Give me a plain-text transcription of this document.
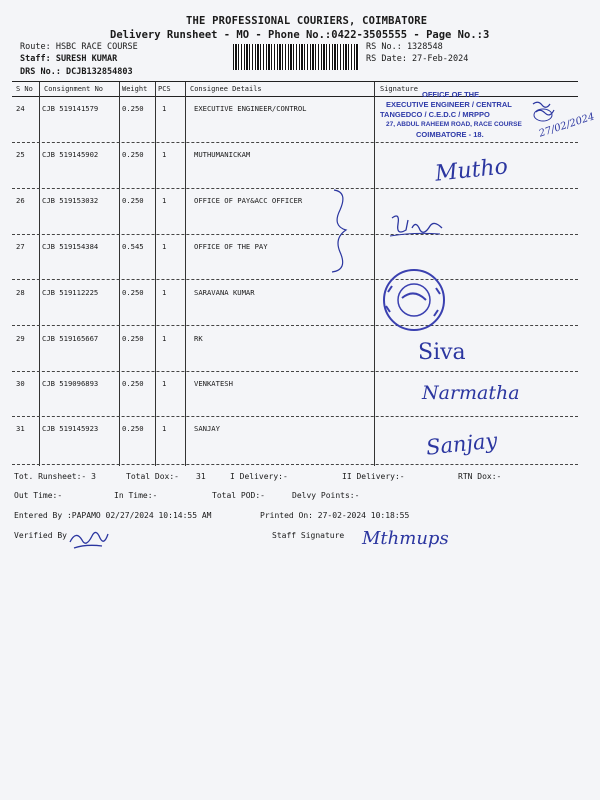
THE PROFESSIONAL COURIERS, COIMBATORE
Delivery Runsheet - MO - Phone No.:0422-3505555 - Page No.:3
Route: HSBC RACE COURSE
Staff: SURESH KUMAR
DRS No.: DCJB132854803
RS No.: 1328548
RS Date: 27-Feb-2024
S No Consignment No	Weight PCS	Consignee Details	Signature
24 CJB 519141579	0.250	1	EXECUTIVE ENGINEER/CONTROL
25 CJB 519145902	0.250	1	MUTHUMANICKAM
26 CJB 519153032	0.250	1	OFFICE OF PAY&ACC OFFICER
27 CJB 519154384	0.545	1	OFFICE OF THE PAY
28 CJB 519112225	0.250	1	SARAVANA KUMAR
29 CJB 519165667	0.250	1	RK
30 CJB 519096893	0.250	1	VENKATESH
31 CJB 519145923	0.250	1	SANJAY
OFFICE OF THE
EXECUTIVE ENGINEER / CENTRAL
TANGEDCO / C.E.D.C / MRPPO
27, ABDUL RAHEEM ROAD, RACE COURSE
COIMBATORE - 18.	27/02/2024
Mutho
Siva
Narmatha
Sanjay
Tot. Runsheet:- 3	Total Dox:- 31	I Delivery:-	II Delivery:-	RTN Dox:-
Out Time:-	In Time:-	Total POD:-	Delvy Points:-
Entered By :PAPAMO 02/27/2024 10:14:55 AM	Printed On: 27-02-2024 10:18:55
Verified By	Staff Signature Mthmups
